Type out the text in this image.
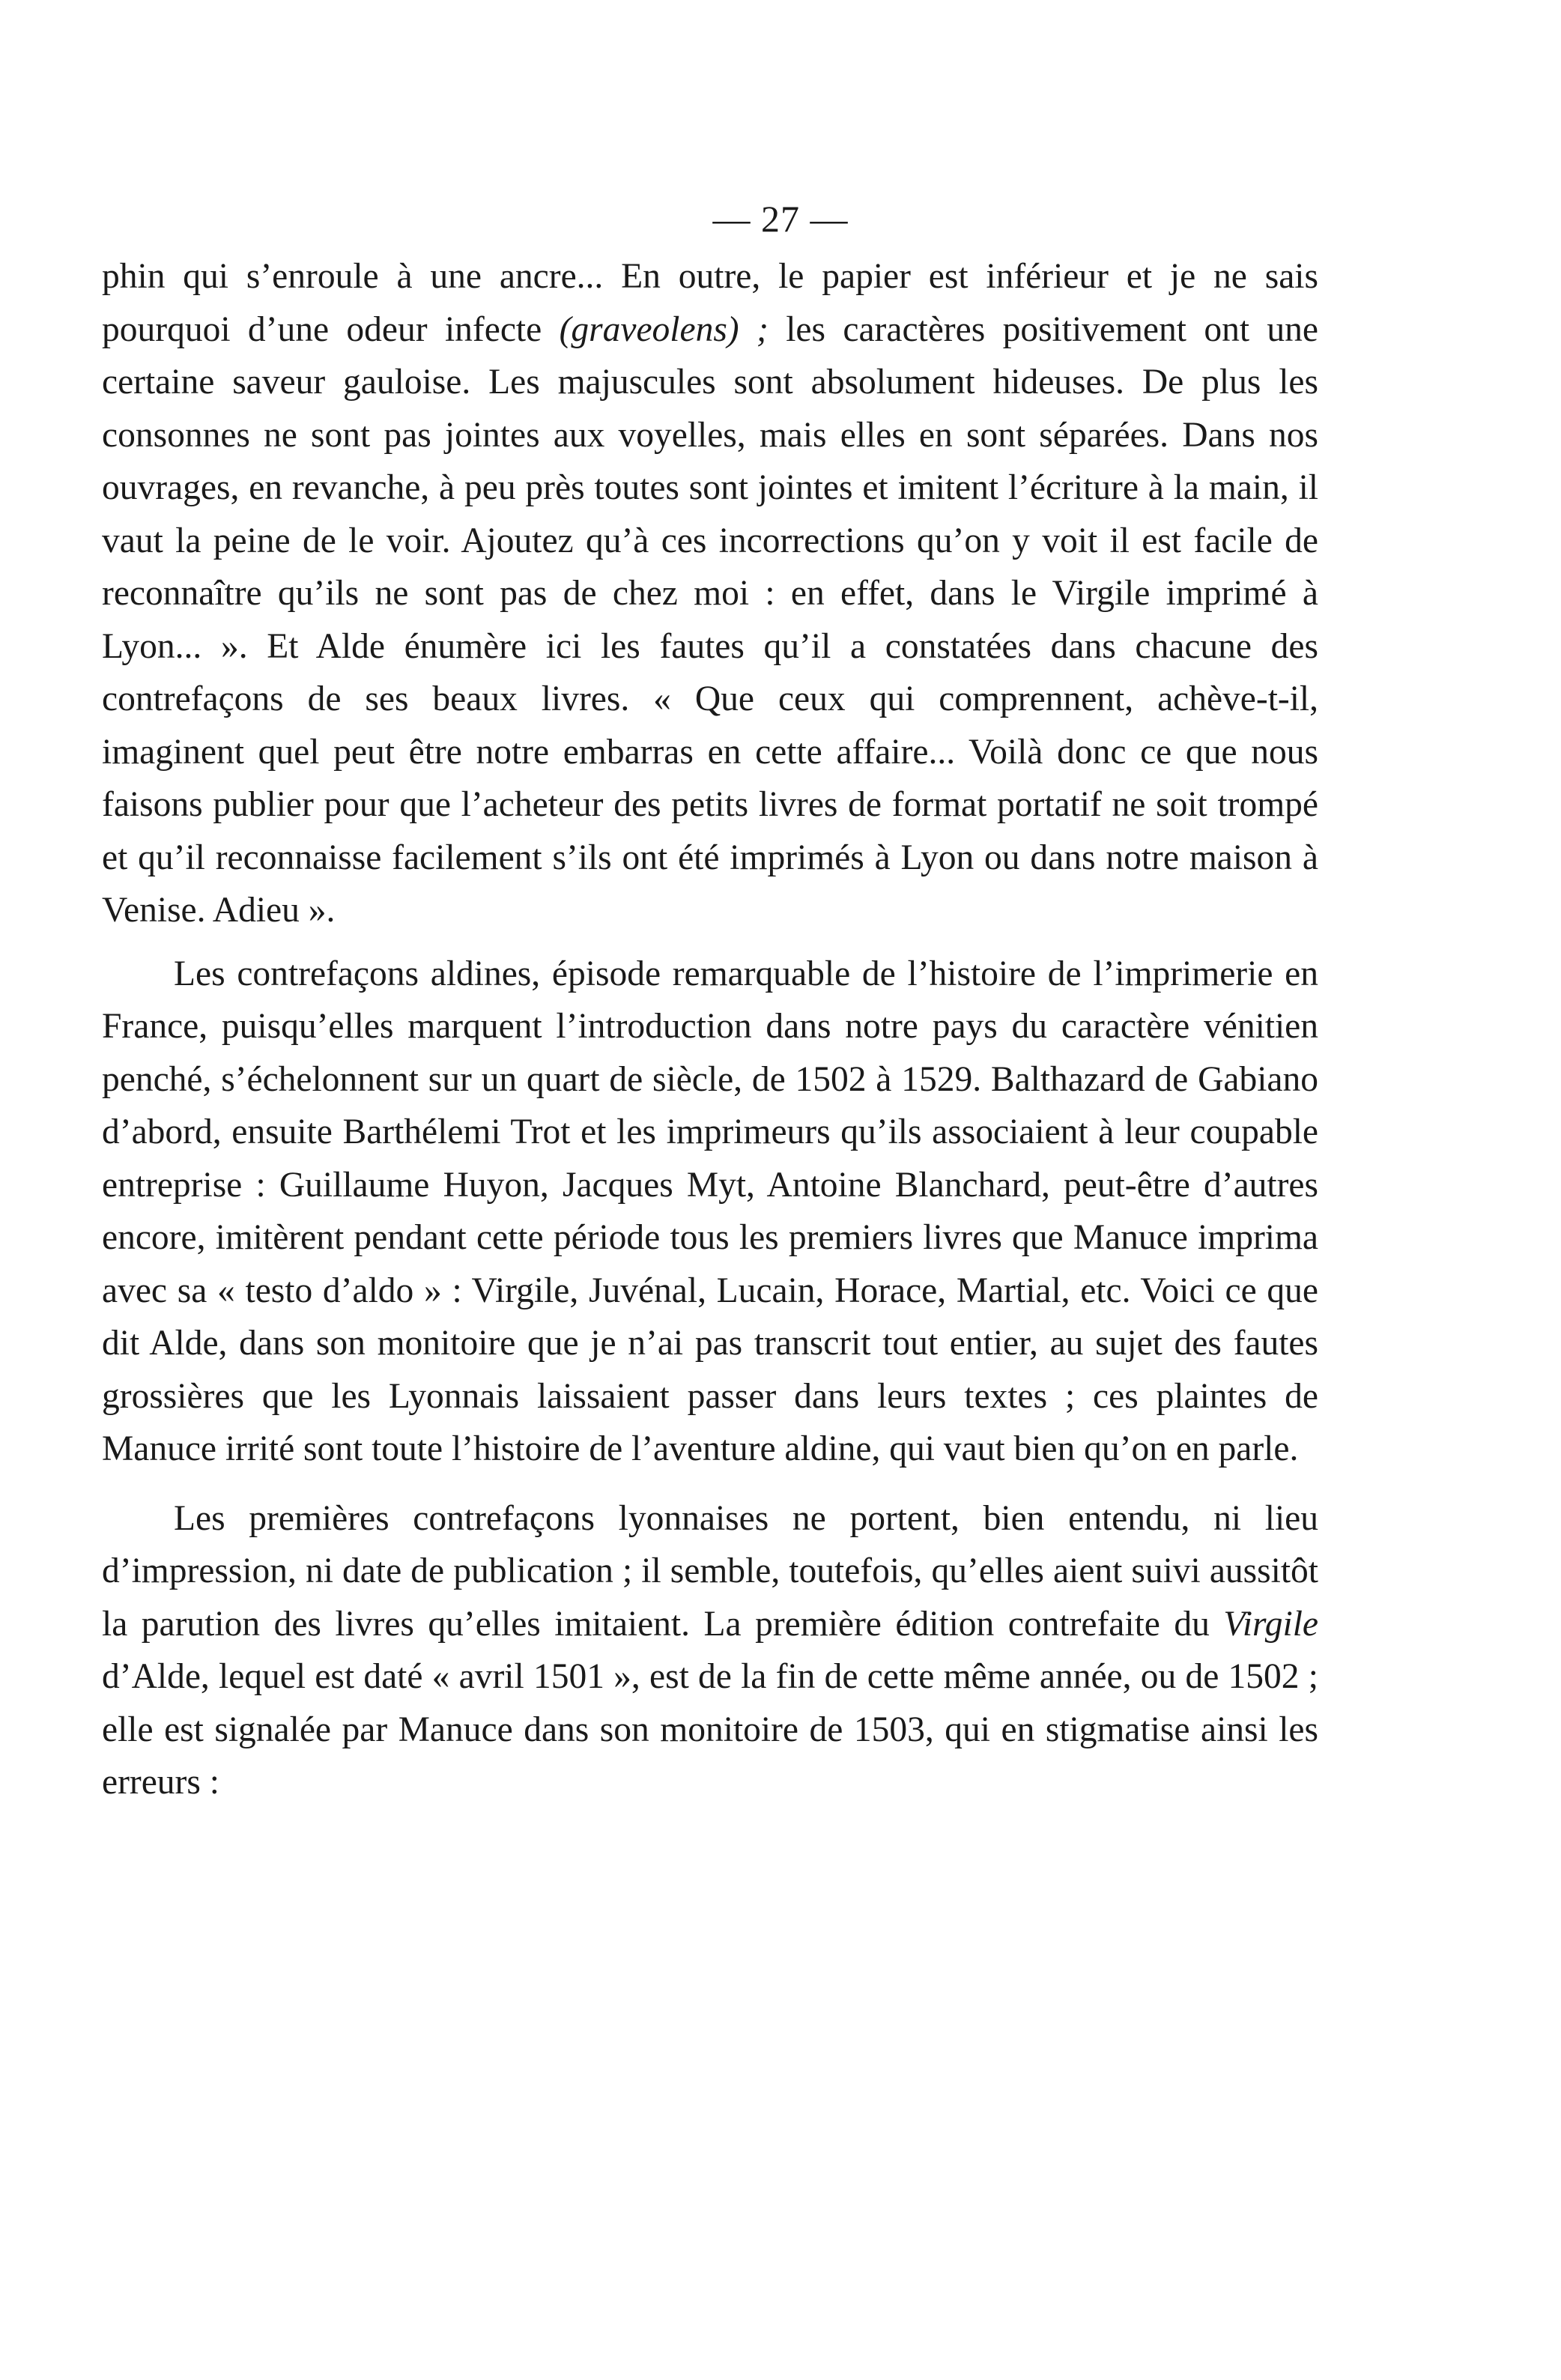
— 27 —

phin qui s’enroule à une ancre... En outre, le papier est inférieur et je ne sais pourquoi d’une odeur infecte (graveolens) ; les caractères positivement ont une certaine saveur gauloise. Les majuscules sont absolument hideuses. De plus les consonnes ne sont pas jointes aux voyelles, mais elles en sont séparées. Dans nos ouvrages, en revanche, à peu près toutes sont jointes et imitent l’écriture à la main, il vaut la peine de le voir. Ajoutez qu’à ces incorrections qu’on y voit il est facile de reconnaître qu’ils ne sont pas de chez moi : en effet, dans le Virgile imprimé à Lyon... ». Et Alde énumère ici les fautes qu’il a constatées dans chacune des contrefaçons de ses beaux livres. « Que ceux qui comprennent, achève-t-il, imaginent quel peut être notre embarras en cette affaire... Voilà donc ce que nous faisons publier pour que l’acheteur des petits livres de format portatif ne soit trompé et qu’il reconnaisse facilement s’ils ont été imprimés à Lyon ou dans notre maison à Venise. Adieu ».

Les contrefaçons aldines, épisode remarquable de l’histoire de l’imprimerie en France, puisqu’elles marquent l’introduction dans notre pays du caractère vénitien penché, s’échelonnent sur un quart de siècle, de 1502 à 1529. Balthazard de Gabiano d’abord, ensuite Barthélemi Trot et les imprimeurs qu’ils associaient à leur coupable entreprise : Guillaume Huyon, Jacques Myt, Antoine Blanchard, peut-être d’autres encore, imitèrent pendant cette période tous les premiers livres que Manuce imprima avec sa « testo d’aldo » : Virgile, Juvénal, Lucain, Horace, Martial, etc. Voici ce que dit Alde, dans son monitoire que je n’ai pas transcrit tout entier, au sujet des fautes grossières que les Lyonnais laissaient passer dans leurs textes ; ces plaintes de Manuce irrité sont toute l’histoire de l’aventure aldine, qui vaut bien qu’on en parle.

Les premières contrefaçons lyonnaises ne portent, bien entendu, ni lieu d’impression, ni date de publication ; il semble, toutefois, qu’elles aient suivi aussitôt la parution des livres qu’elles imitaient. La première édition contrefaite du Virgile d’Alde, lequel est daté « avril 1501 », est de la fin de cette même année, ou de 1502 ; elle est signalée par Manuce dans son monitoire de 1503, qui en stigmatise ainsi les erreurs :
